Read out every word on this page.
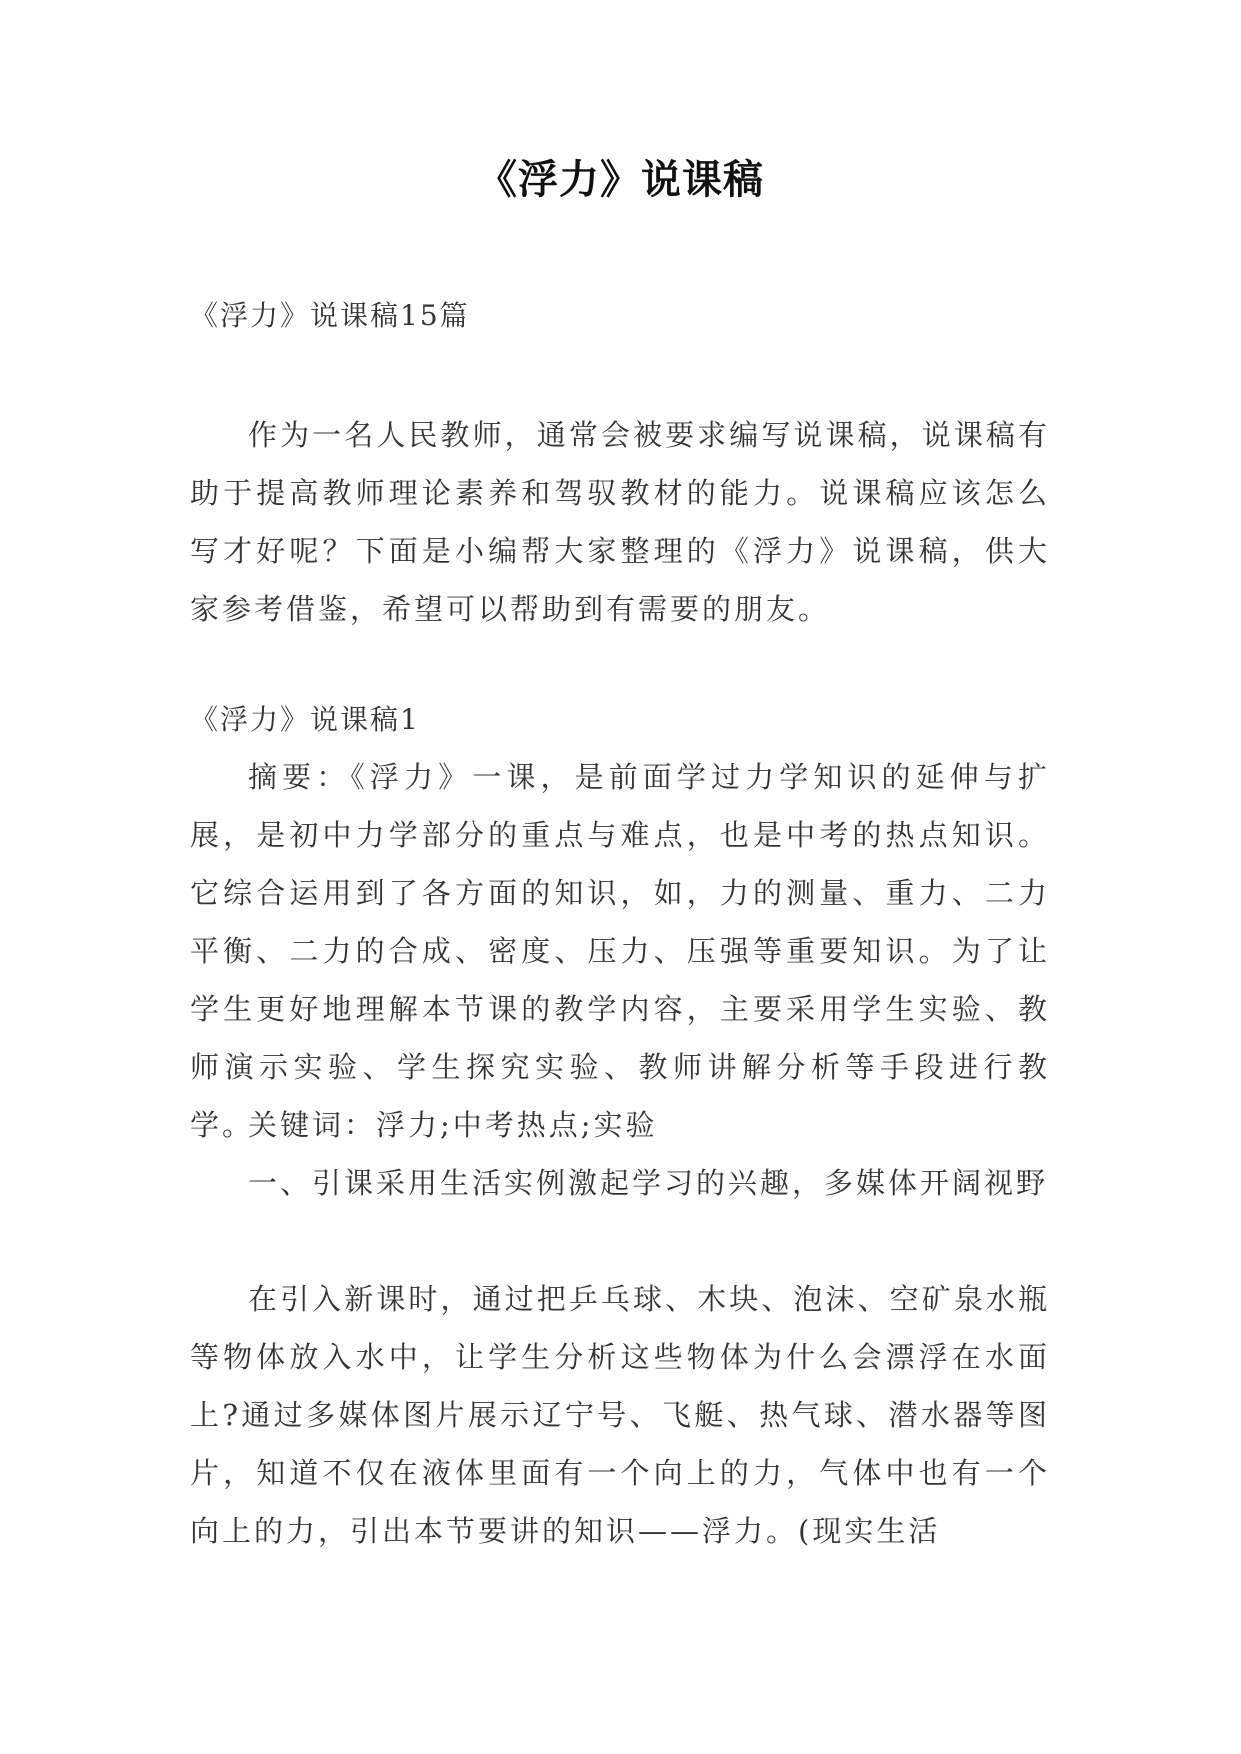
《浮力》说课稿
《浮力》说课稿15篇

作为一名人民教师，通常会被要求编写说课稿，说课稿有助于提高教师理论素养和驾驭教材的能力。说课稿应该怎么写才好呢？下面是小编帮大家整理的《浮力》说课稿，供大家参考借鉴，希望可以帮助到有需要的朋友。

《浮力》说课稿1

摘要：《浮力》一课，是前面学过力学知识的延伸与扩展，是初中力学部分的重点与难点，也是中考的热点知识。它综合运用到了各方面的知识，如，力的测量、重力、二力平衡、二力的合成、密度、压力、压强等重要知识。为了让学生更好地理解本节课的教学内容，主要采用学生实验、教师演示实验、学生探究实验、教师讲解分析等手段进行教学。

关键词：浮力;中考热点;实验

一、引课采用生活实例激起学习的兴趣，多媒体开阔视野

在引入新课时，通过把乒乓球、木块、泡沫、空矿泉水瓶等物体放入水中，让学生分析这些物体为什么会漂浮在水面上?通过多媒体图片展示辽宁号、飞艇、热气球、潜水器等图片，知道不仅在液体里面有一个向上的力，气体中也有一个向上的力，引出本节要讲的知识——浮力。(现实生活
